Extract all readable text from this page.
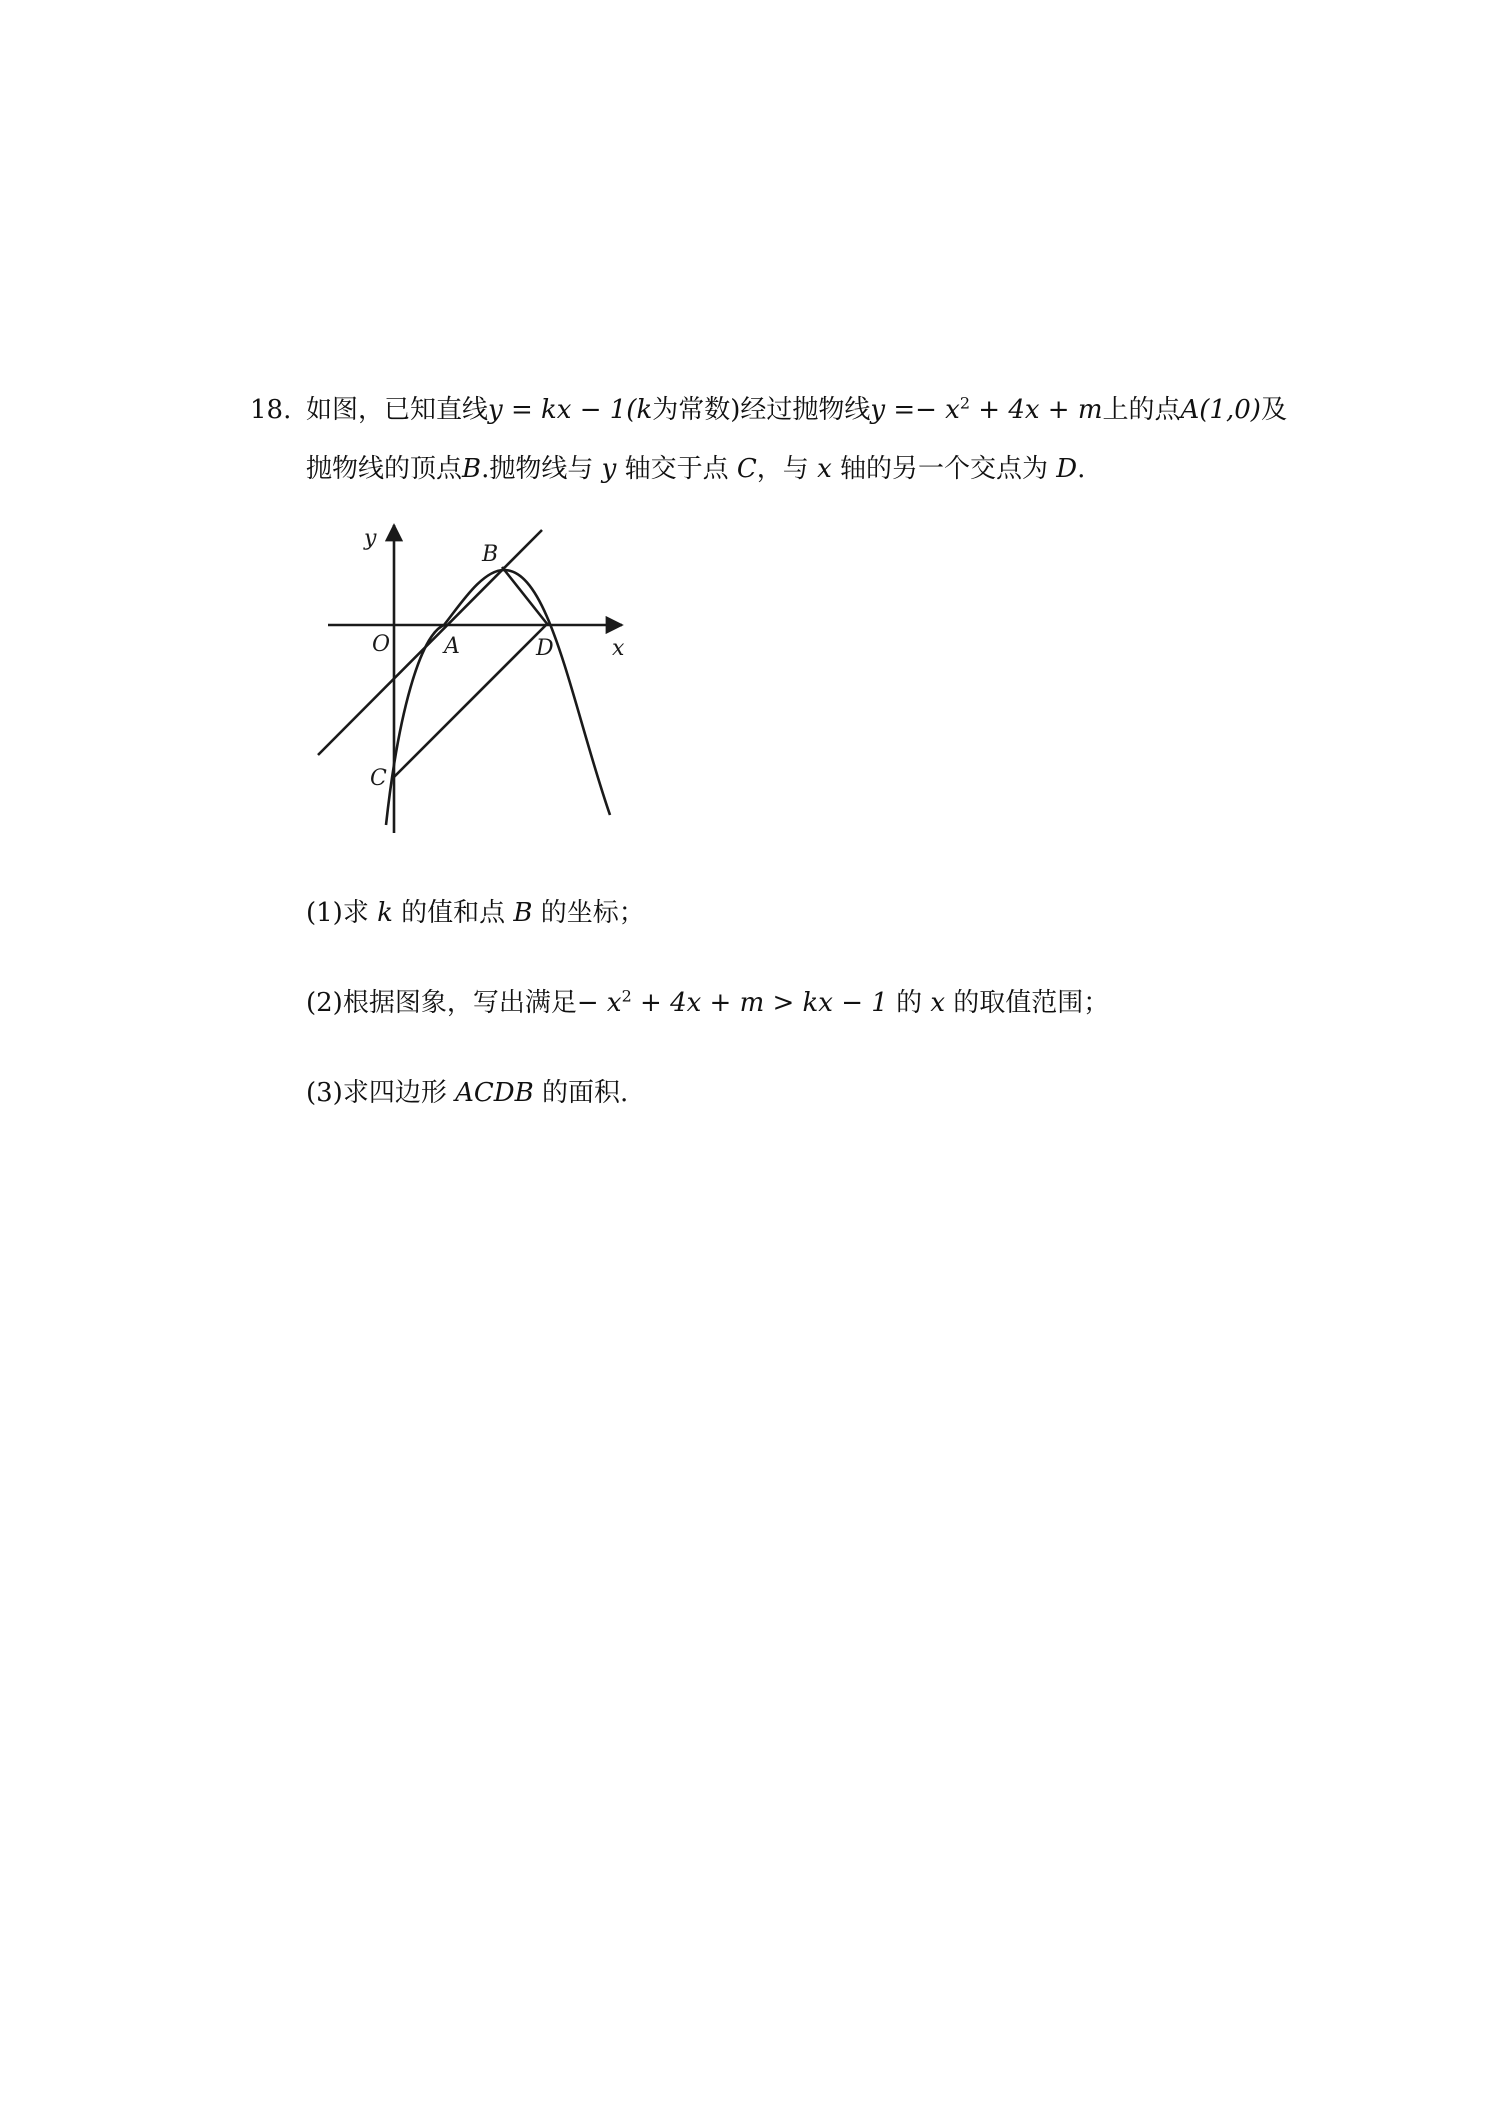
18. 如图，已知直线y = kx − 1(k为常数)经过抛物线$y =- x^2 + 4x + m$上的点A(1,0)及
抛物线的顶点B.抛物线与 y 轴交于点 C，与 x 轴的另一个交点为 D.
y
x
O A
B
C
D
(1)求 k 的值和点 B 的坐标；
(2)根据图象，写出满足− $x^2 + 4x + m$ > kx − 1 的 x 的取值范围；
(3)求四边形 ACDB 的面积.
